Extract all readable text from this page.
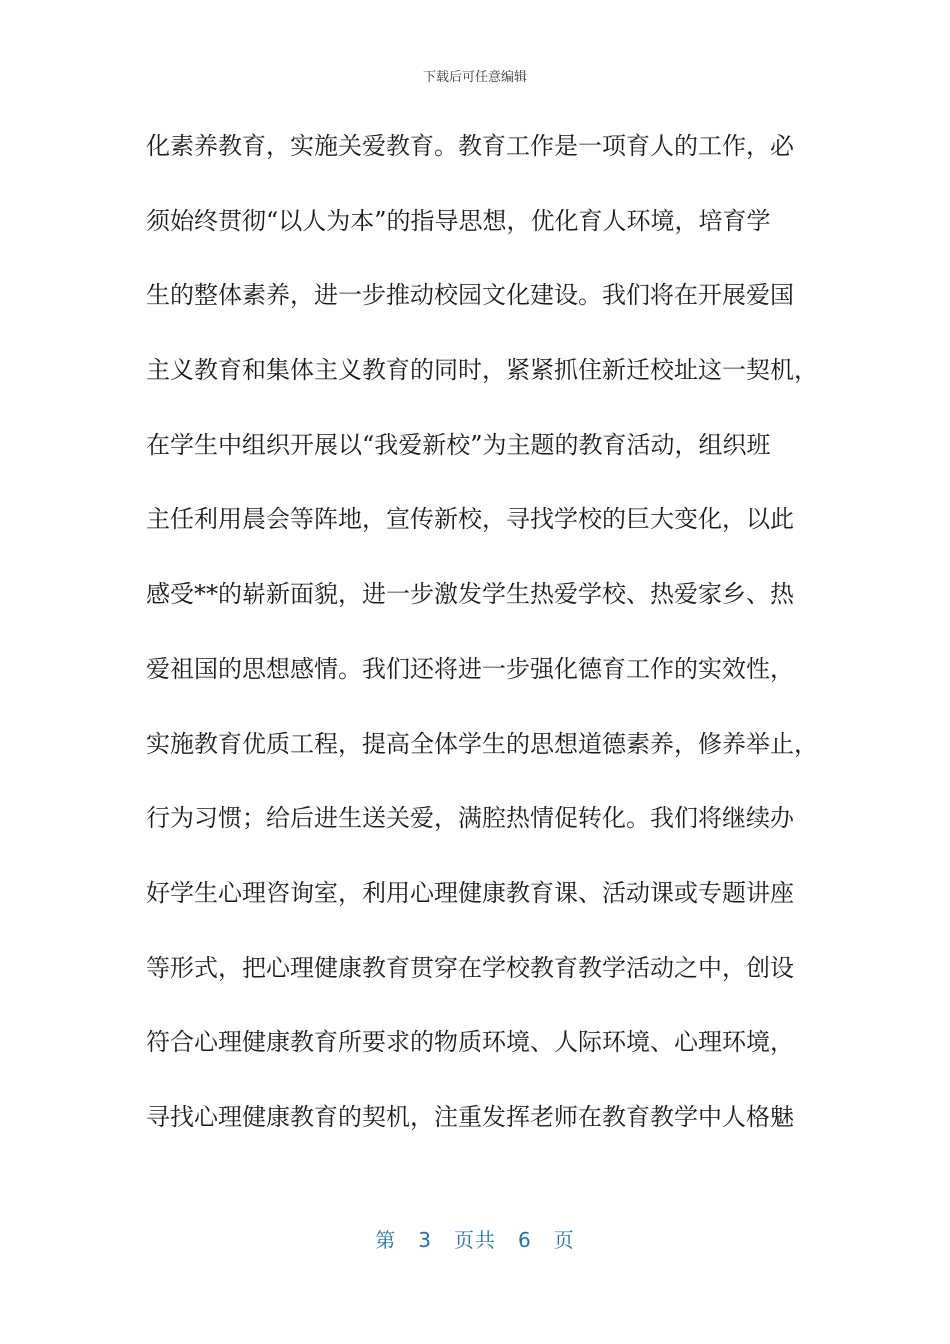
下载后可任意编辑
化素养教育，实施关爱教育。教育工作是一项育人的工作，必
须始终贯彻“以人为本”的指导思想，优化育人环境，培育学
生的整体素养，进一步推动校园文化建设。我们将在开展爱国
主义教育和集体主义教育的同时，紧紧抓住新迁校址这一契机，
在学生中组织开展以“我爱新校”为主题的教育活动，组织班
主任利用晨会等阵地，宣传新校，寻找学校的巨大变化，以此
感受**的崭新面貌，进一步激发学生热爱学校、热爱家乡、热
爱祖国的思想感情。我们还将进一步强化德育工作的实效性，
实施教育优质工程，提高全体学生的思想道德素养，修养举止，
行为习惯；给后进生送关爱，满腔热情促转化。我们将继续办
好学生心理咨询室，利用心理健康教育课、活动课或专题讲座
等形式，把心理健康教育贯穿在学校教育教学活动之中，创设
符合心理健康教育所要求的物质环境、人际环境、心理环境，
寻找心理健康教育的契机，注重发挥老师在教育教学中人格魅
第 3 页共 6 页
